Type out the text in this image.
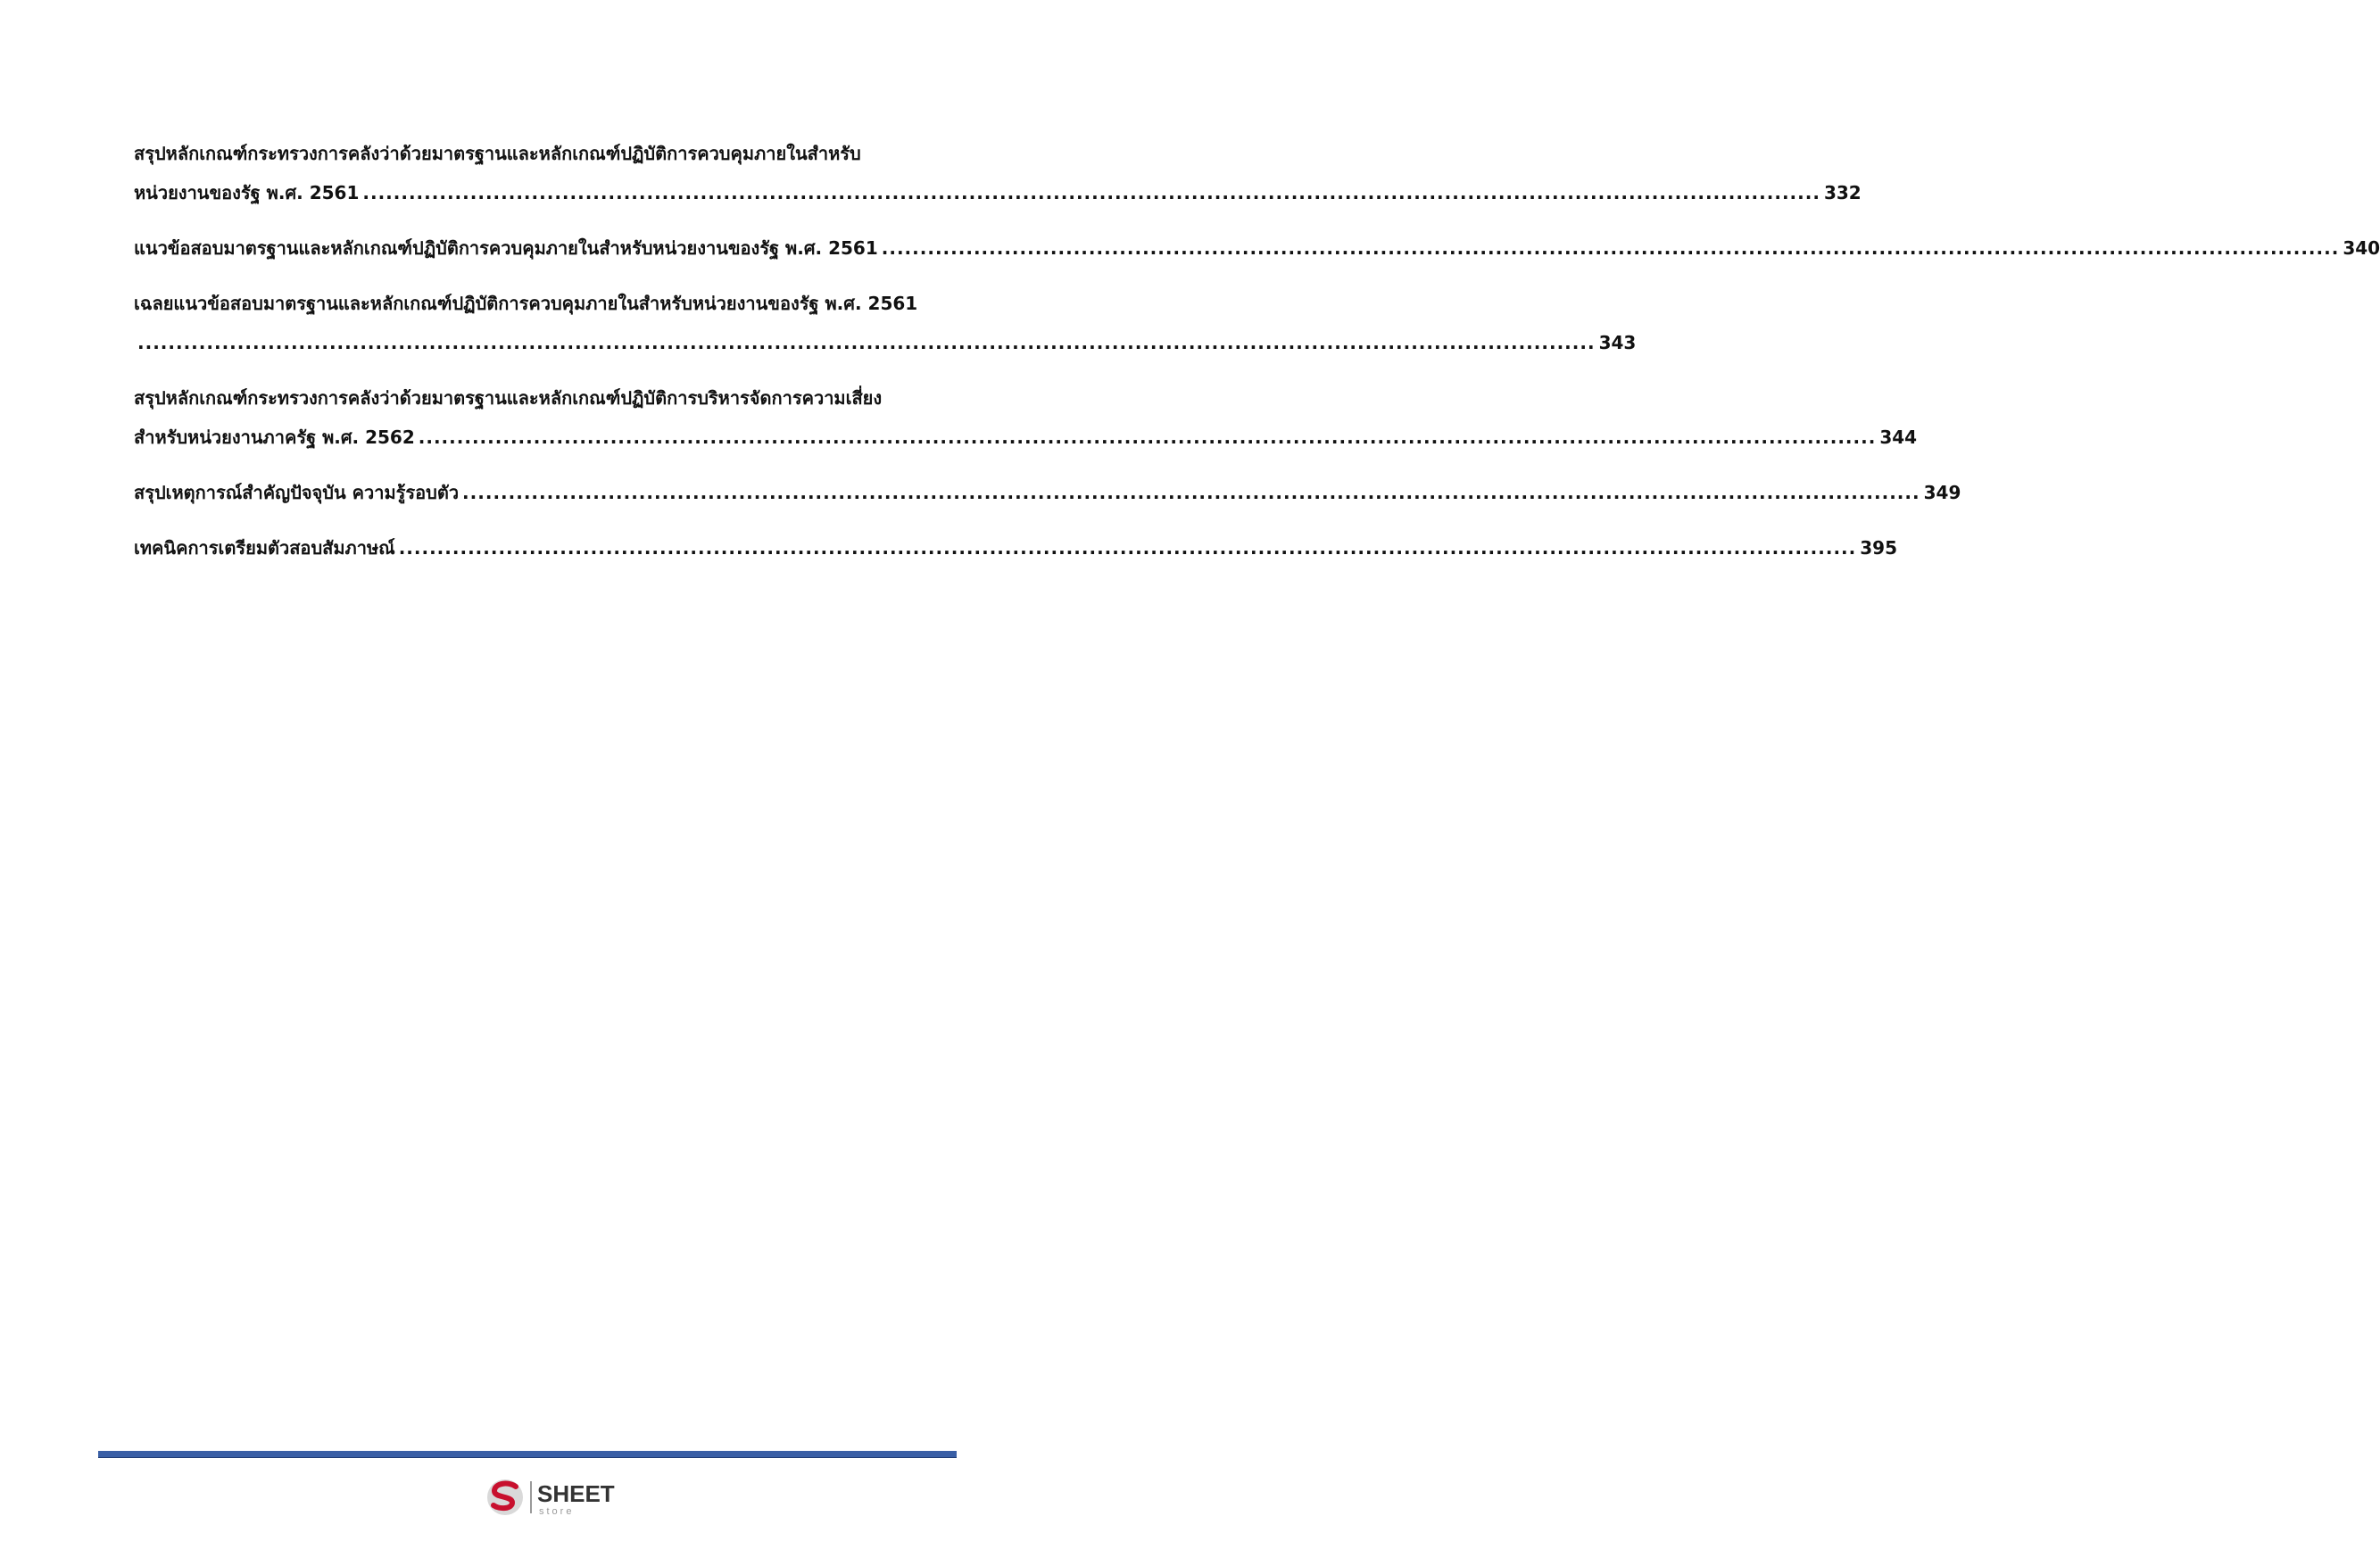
สรุปหลักเกณฑ์กระทรวงการคลังว่าด้วยมาตรฐานและหลักเกณฑ์ปฏิบัติการควบคุมภายในสำหรับ
หน่วยงานของรัฐ พ.ศ. 2561 .............................................................................................................................................................................................. 332
แนวข้อสอบมาตรฐานและหลักเกณฑ์ปฏิบัติการควบคุมภายในสำหรับหน่วยงานของรัฐ พ.ศ. 2561 .............................................................................................................................................................................................. 340
เฉลยแนวข้อสอบมาตรฐานและหลักเกณฑ์ปฏิบัติการควบคุมภายในสำหรับหน่วยงานของรัฐ พ.ศ. 2561
.............................................................................................................................................................................................. 343
สรุปหลักเกณฑ์กระทรวงการคลังว่าด้วยมาตรฐานและหลักเกณฑ์ปฏิบัติการบริหารจัดการความเสี่ยง
สำหรับหน่วยงานภาครัฐ พ.ศ. 2562 .............................................................................................................................................................................................. 344
สรุปเหตุการณ์สำคัญปัจจุบัน ความรู้รอบตัว .............................................................................................................................................................................................. 349
เทคนิคการเตรียมตัวสอบสัมภาษณ์ .............................................................................................................................................................................................. 395
SHEET
store
